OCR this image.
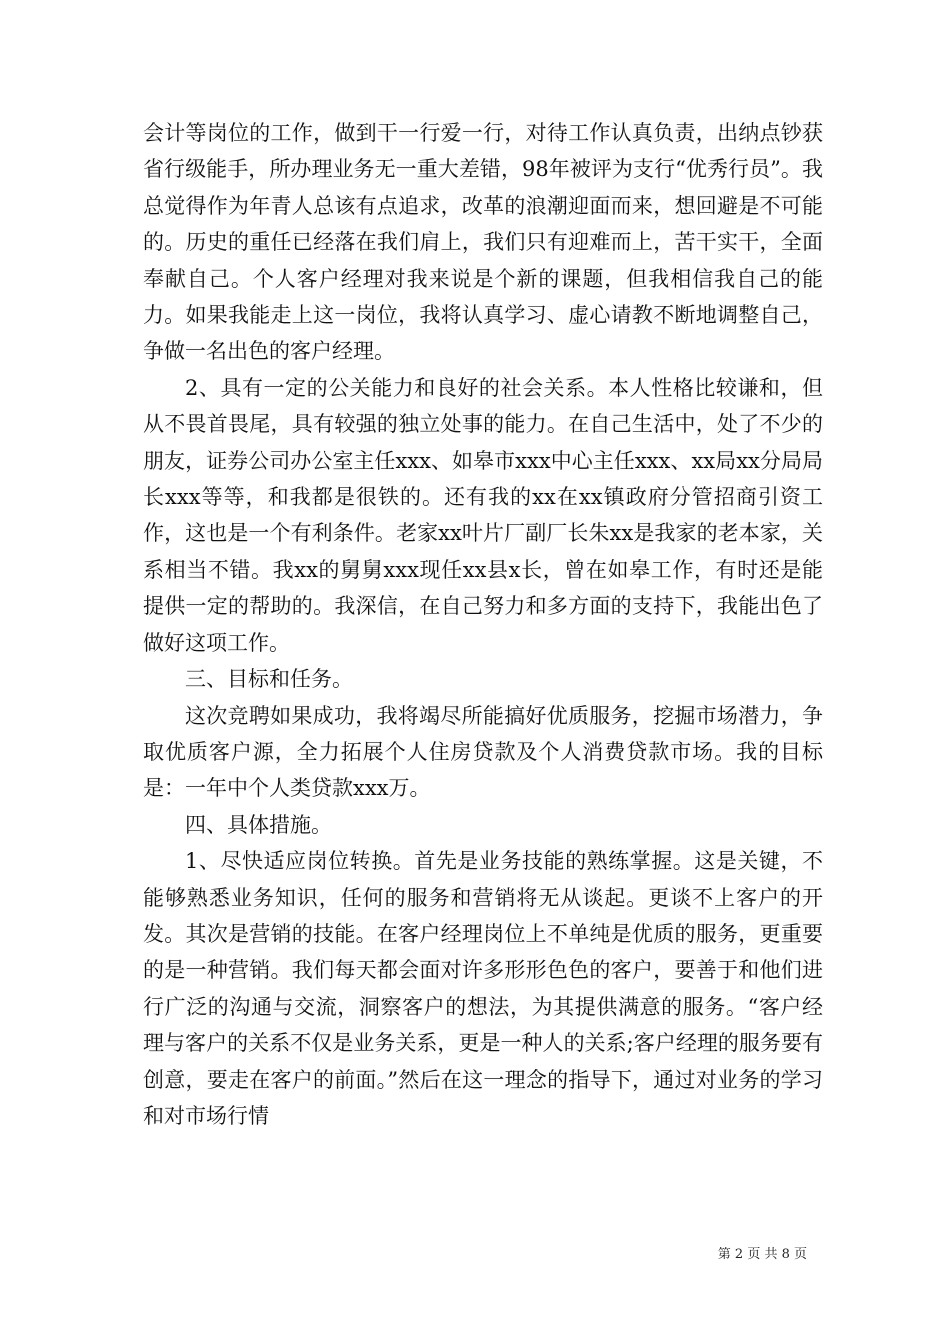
会计等岗位的工作，做到干一行爱一行，对待工作认真负责，出纳点钞获省行级能手，所办理业务无一重大差错，98年被评为支行“优秀行员”。我总觉得作为年青人总该有点追求，改革的浪潮迎面而来，想回避是不可能的。历史的重任已经落在我们肩上，我们只有迎难而上，苦干实干，全面奉献自己。个人客户经理对我来说是个新的课题，但我相信我自己的能力。如果我能走上这一岗位，我将认真学习、虚心请教不断地调整自己，争做一名出色的客户经理。

2、具有一定的公关能力和良好的社会关系。本人性格比较谦和，但从不畏首畏尾，具有较强的独立处事的能力。在自己生活中，处了不少的朋友，证券公司办公室主任xxx、如皋市xxx中心主任xxx、xx局xx分局局长xxx等等，和我都是很铁的。还有我的xx在xx镇政府分管招商引资工作，这也是一个有利条件。老家xx叶片厂副厂长朱xx是我家的老本家，关系相当不错。我xx的舅舅xxx现任xx县x长，曾在如皋工作，有时还是能提供一定的帮助的。我深信，在自己努力和多方面的支持下，我能出色了做好这项工作。

三、目标和任务。

这次竞聘如果成功，我将竭尽所能搞好优质服务，挖掘市场潜力，争取优质客户源，全力拓展个人住房贷款及个人消费贷款市场。我的目标是：一年中个人类贷款xxx万。

四、具体措施。

1、尽快适应岗位转换。首先是业务技能的熟练掌握。这是关键，不能够熟悉业务知识，任何的服务和营销将无从谈起。更谈不上客户的开发。其次是营销的技能。在客户经理岗位上不单纯是优质的服务，更重要的是一种营销。我们每天都会面对许多形形色色的客户，要善于和他们进行广泛的沟通与交流，洞察客户的想法，为其提供满意的服务。“客户经理与客户的关系不仅是业务关系，更是一种人的关系;客户经理的服务要有创意，要走在客户的前面。”然后在这一理念的指导下，通过对业务的学习和对市场行情

第 2 页 共 8 页
